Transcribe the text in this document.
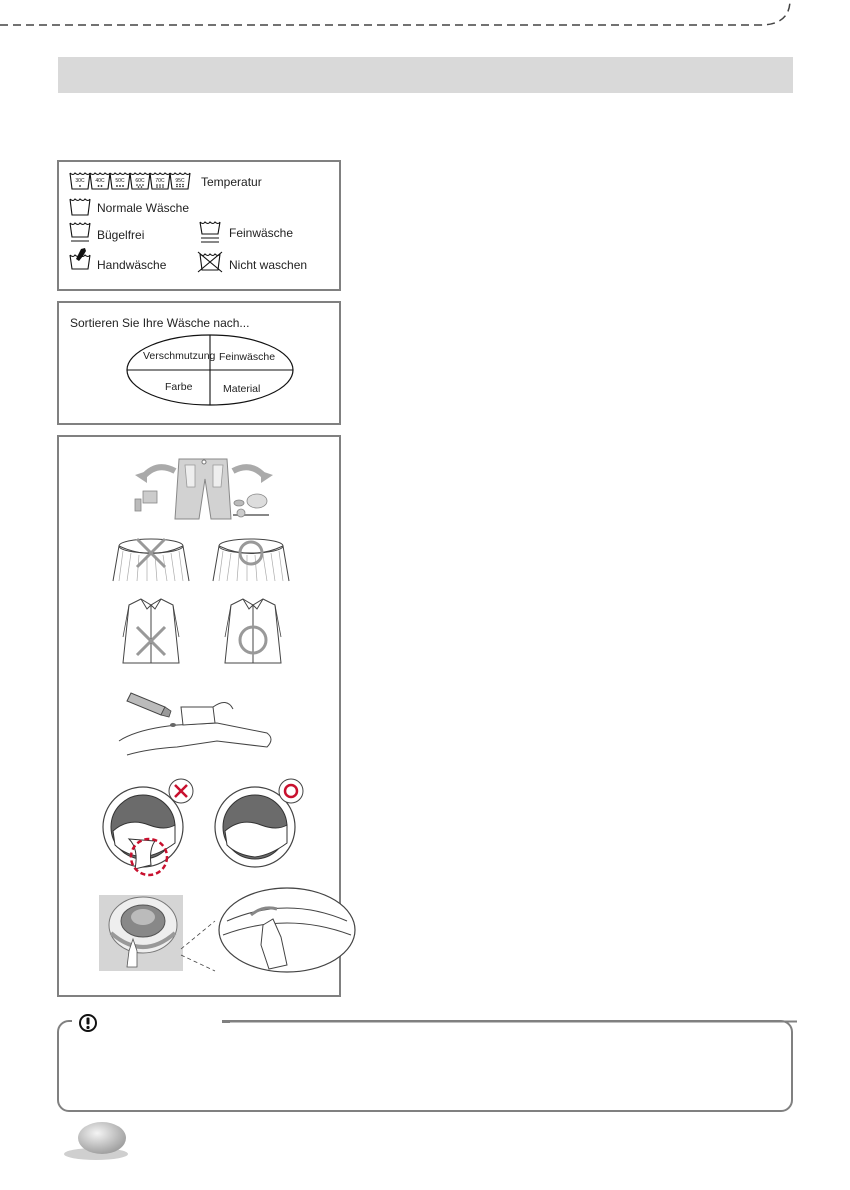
30C 40C 50C 60C 70C 95C Temperatur
Normale Wäsche
Bügelfrei	Feinwäsche
Handwäsche	Nicht waschen
Sortieren Sie Ihre Wäsche nach...
Verschmutzung Feinwäsche
Farbe	Material
